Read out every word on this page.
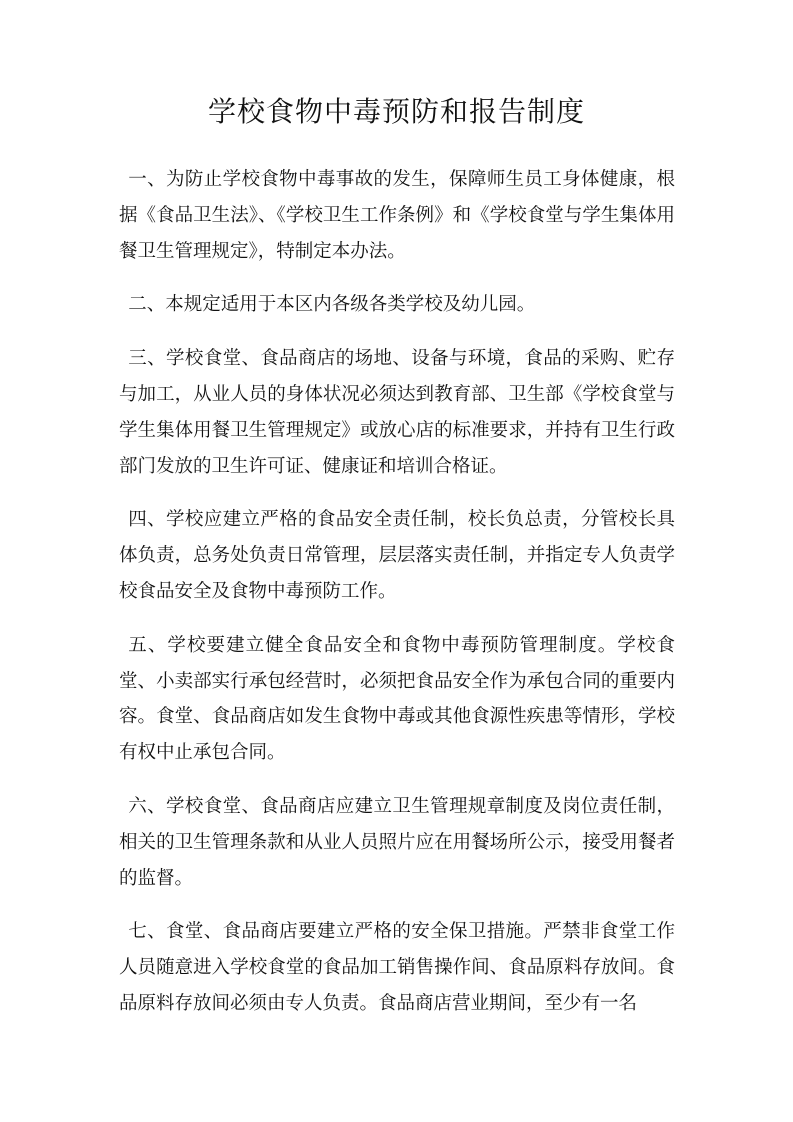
学校食物中毒预防和报告制度

一、为防止学校食物中毒事故的发生，保障师生员工身体健康，根据《食品卫生法》、《学校卫生工作条例》和《学校食堂与学生集体用餐卫生管理规定》，特制定本办法。

二、本规定适用于本区内各级各类学校及幼儿园。

三、学校食堂、食品商店的场地、设备与环境，食品的采购、贮存与加工，从业人员的身体状况必须达到教育部、卫生部《学校食堂与学生集体用餐卫生管理规定》或放心店的标准要求，并持有卫生行政部门发放的卫生许可证、健康证和培训合格证。

四、学校应建立严格的食品安全责任制，校长负总责，分管校长具体负责，总务处负责日常管理，层层落实责任制，并指定专人负责学校食品安全及食物中毒预防工作。

五、学校要建立健全食品安全和食物中毒预防管理制度。学校食堂、小卖部实行承包经营时，必须把食品安全作为承包合同的重要内容。食堂、食品商店如发生食物中毒或其他食源性疾患等情形，学校有权中止承包合同。

六、学校食堂、食品商店应建立卫生管理规章制度及岗位责任制，相关的卫生管理条款和从业人员照片应在用餐场所公示，接受用餐者的监督。

七、食堂、食品商店要建立严格的安全保卫措施。严禁非食堂工作人员随意进入学校食堂的食品加工销售操作间、食品原料存放间。食品原料存放间必须由专人负责。食品商店营业期间，至少有一名
